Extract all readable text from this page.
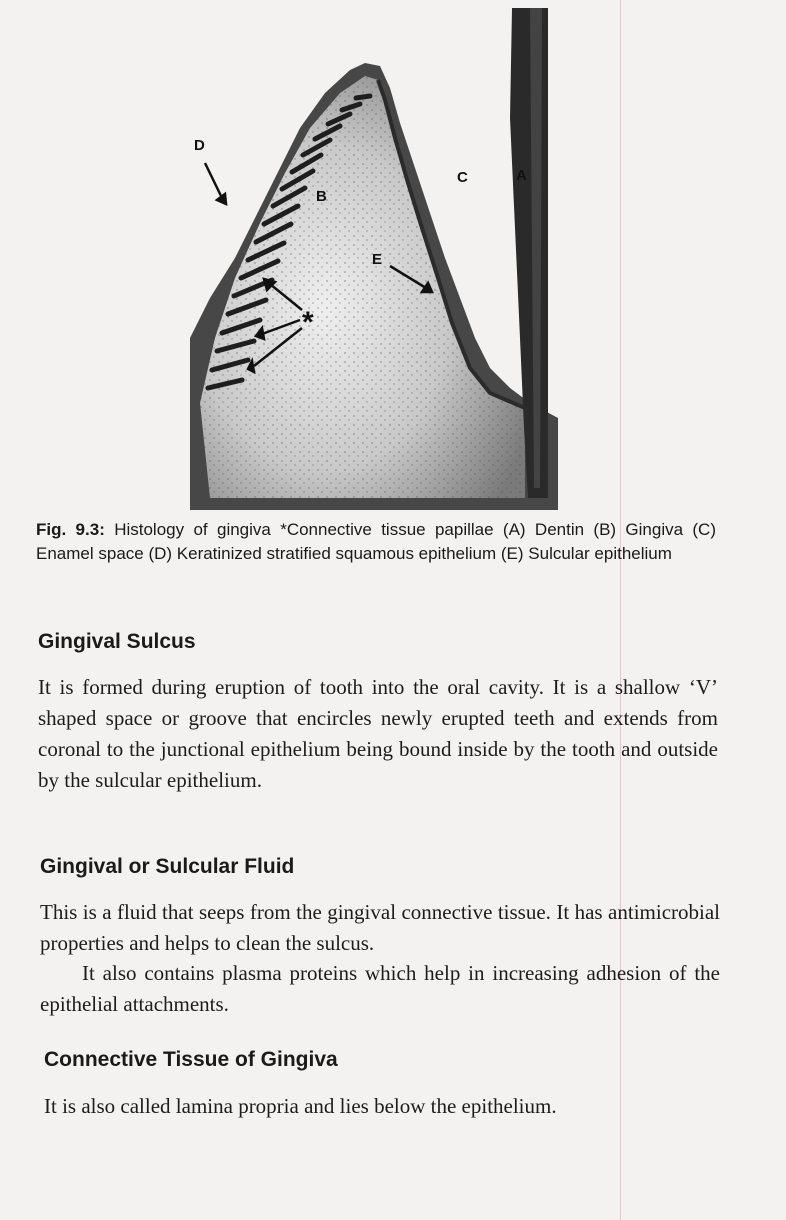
D
B
C	A
E
*
Fig. 9.3: Histology of gingiva *Connective tissue papillae (A) Dentin (B) Gingiva (C) Enamel space (D) Keratinized stratified squamous epithelium (E) Sulcular epithelium
Gingival Sulcus

It is formed during eruption of tooth into the oral cavity. It is a shallow ‘V’ shaped space or groove that encircles newly erupted teeth and extends from coronal to the junctional epithelium being bound inside by the tooth and outside by the sulcular epithelium.

Gingival or Sulcular Fluid

This is a fluid that seeps from the gingival connective tissue. It has antimicrobial properties and helps to clean the sulcus.

It also contains plasma proteins which help in increasing adhesion of the epithelial attachments.

Connective Tissue of Gingiva

It is also called lamina propria and lies below the epithelium.
